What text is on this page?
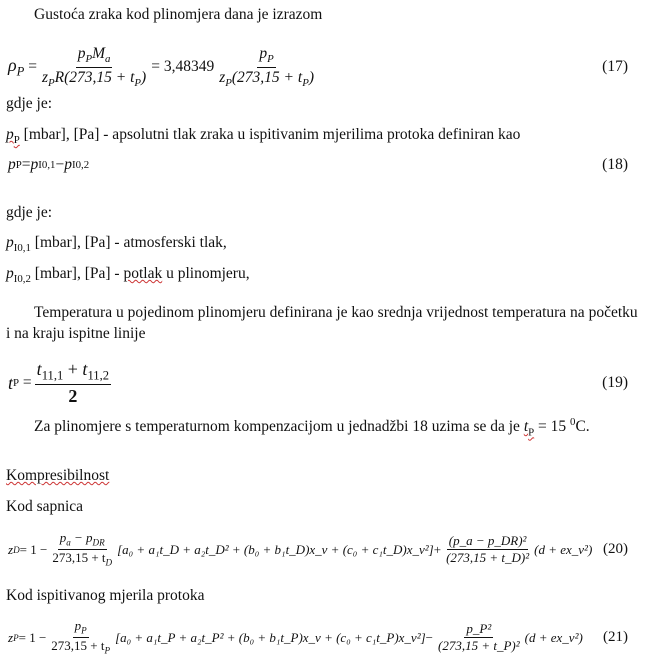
Gustoća zraka kod plinomjera dana je izrazom
$\rho_P = \frac{p_PM_a}{z_PR(273,15 + t_P)} = 3,48349 \frac{p_P}{z_P(273,15 + t_P)}$	(17)
gdje je:
$p_P$ [mbar], [Pa] - apsolutni tlak zraka u ispitivanim mjerilima protoka definiran kao
p P = p I0,1 − p I0,2	(18)
gdje je:
$p_{I0,1}$ [mbar], [Pa] - atmosferski tlak,
$p_{I0,2}$ [mbar], [Pa] - potlak u plinomjeru,
Temperatura u pojedinom plinomjeru definirana je kao srednja vrijednost temperatura na početku
i na kraju ispitne linije
t P
= $\frac{t_{11,1} + t_{11,2}}{2}$	(19)
Za plinomjere s temperaturnom kompenzacijom u jednadžbi 18 uzima se da je $t_P = 15$ $^0$C.
Kompresibilnost
Kod sapnica
z $D = 1 - \frac{p_a - p_{DR}}{273,15 + t_D} [a_0$ + a₁t_D + a₂t_D² + (b₀ + b₁t_D)x_v + (c₀ + c₁t_D)x_v²] + $\frac{\text{(p\_a − p\_DR)²}}{\text{(273,15 + t\_D)²}} (d$ + ex_v²) (20)
Kod ispitivanog mjerila protoka
z $P = 1 - \frac{p_P}{273,15 + t_P} [a_0$ + a₁t_P + a₂t_P² + (b₀ + b₁t_P)x_v + (c₀ + c₁t_P)x_v²] − $\frac{\text{p\_P²}}{\text{(273,15 + t\_P)²}} (d$ + ex_v²) (21)
